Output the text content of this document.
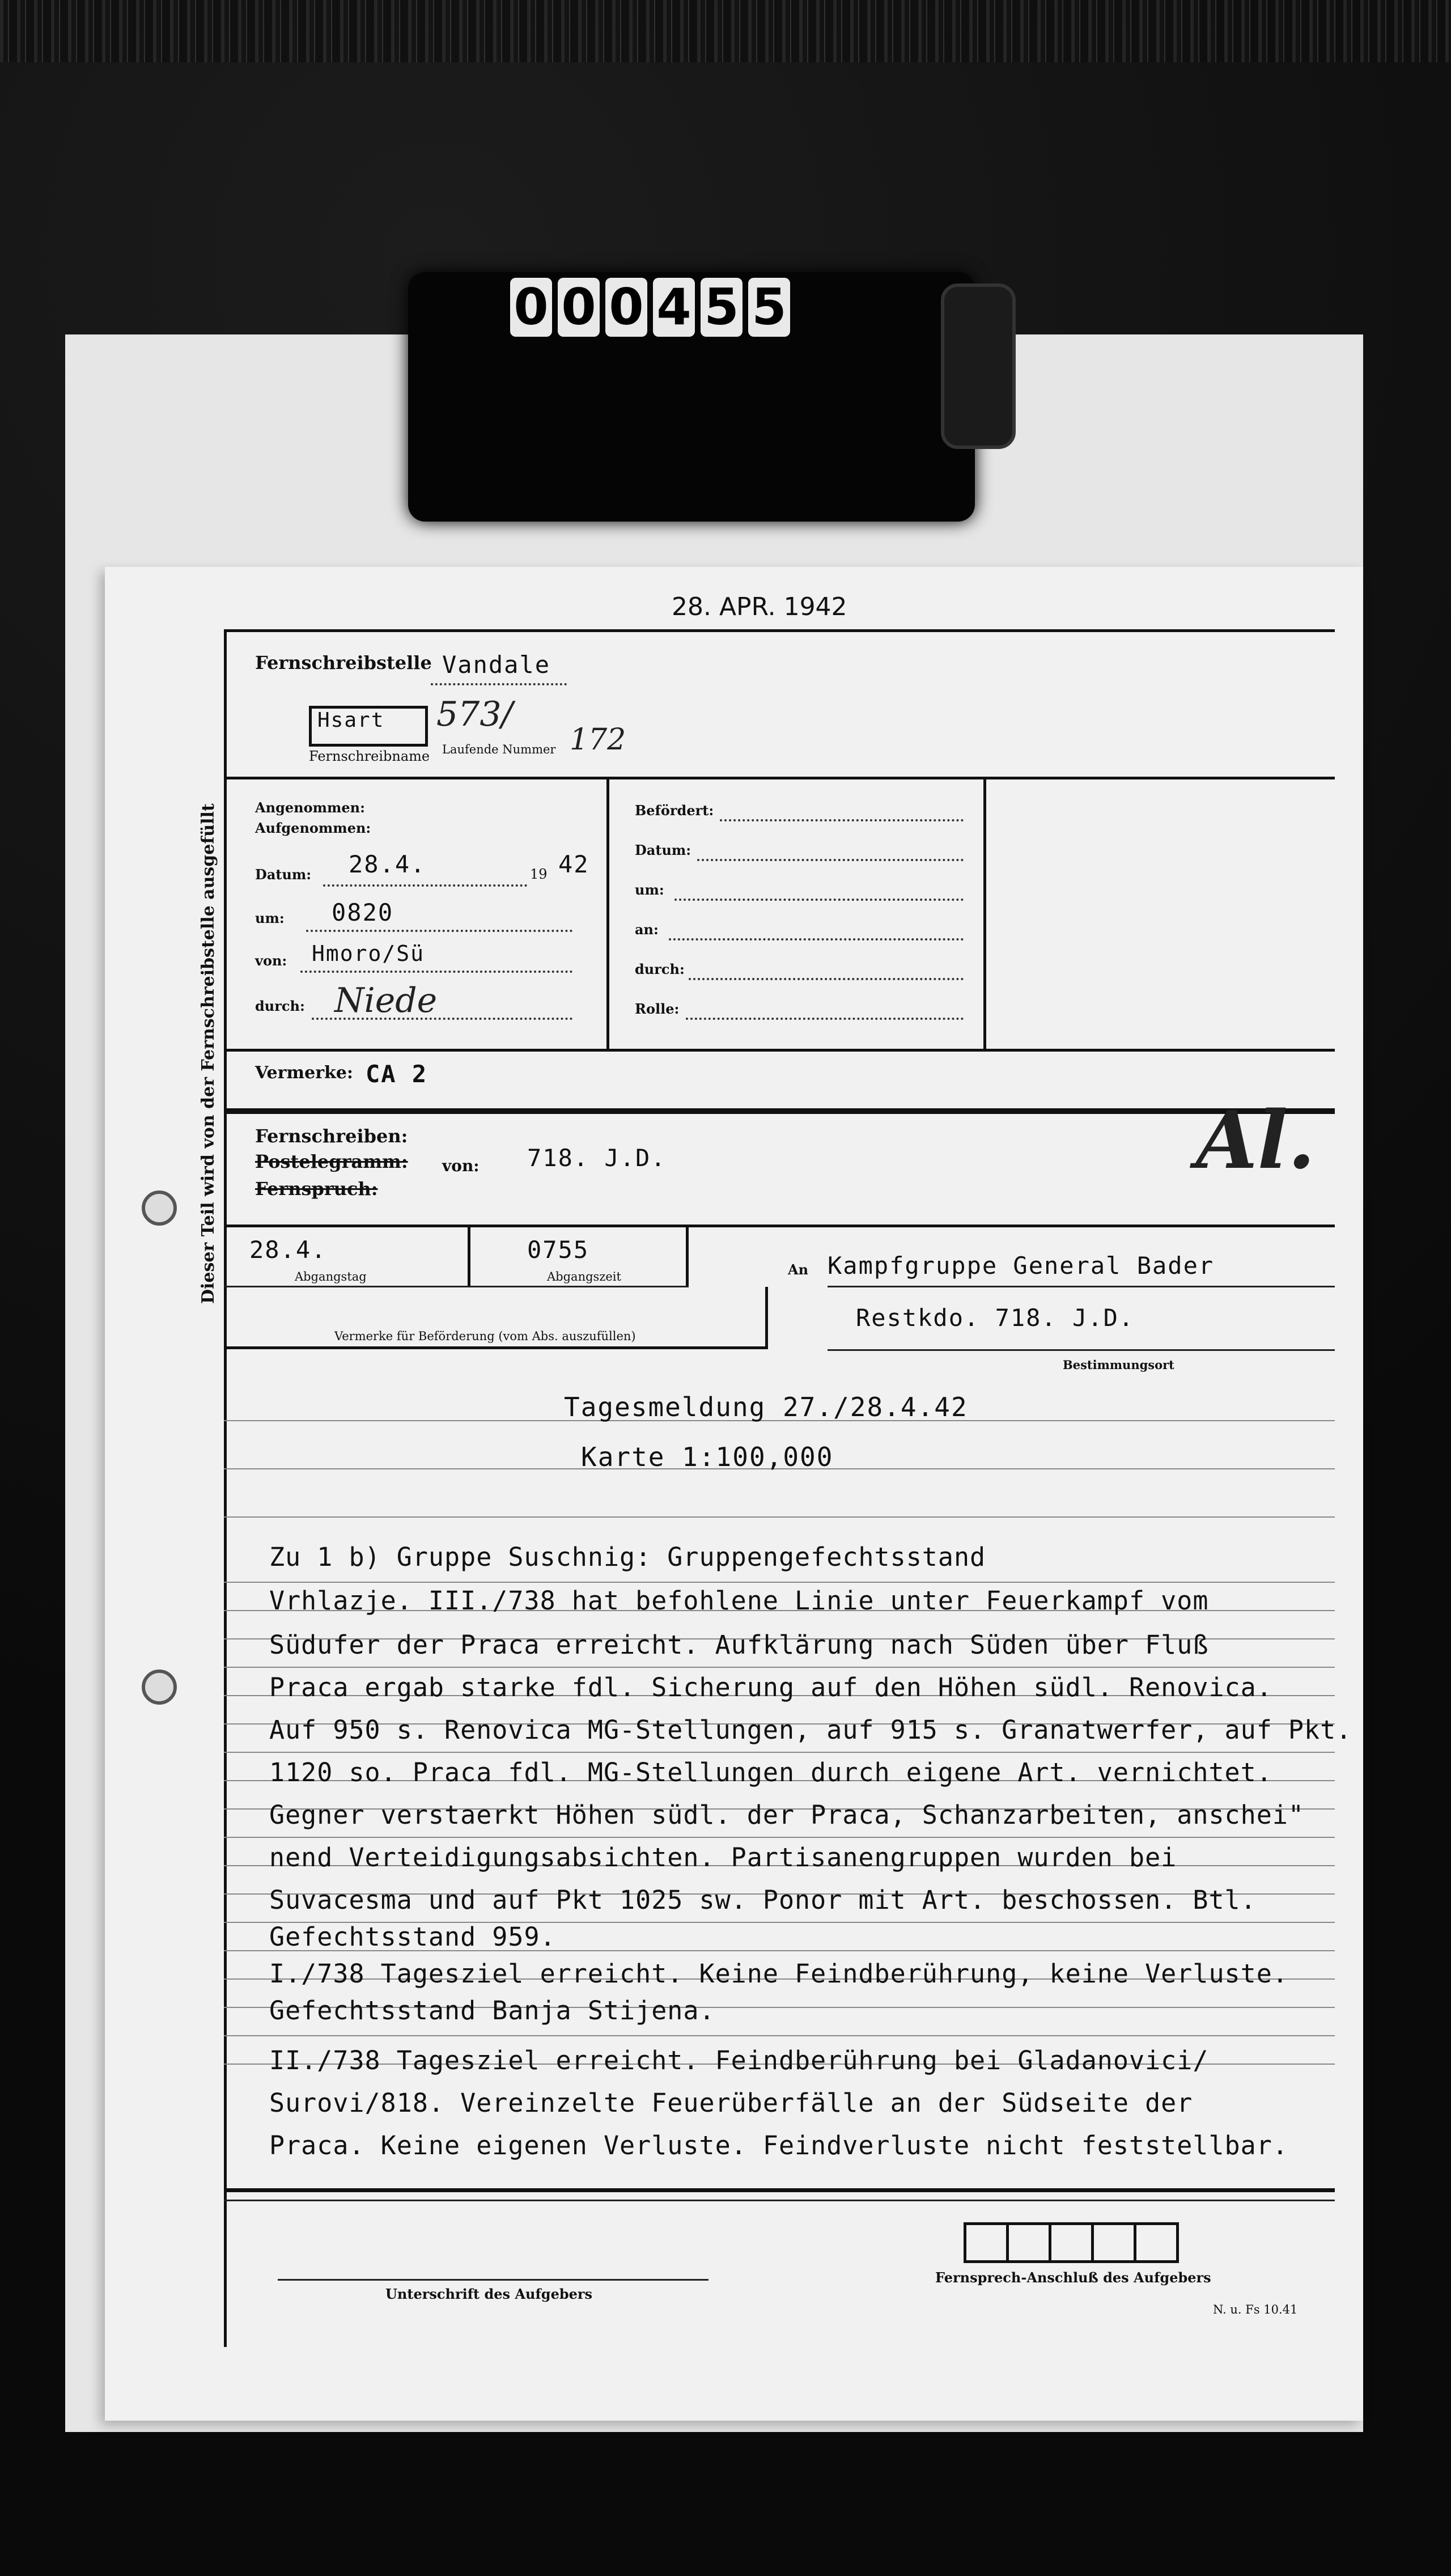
0 0 0 4 5 5
28. APR. 1942
Dieser Teil wird von der Fernschreibstelle ausgefüllt
Fernschreibstelle Vandale
Hsart 573/
172
Fernschreibname Laufende Nummer
Angenommen:
Aufgenommen:
Datum: 28.4.	19 42
um: 0820
von: Hmoro/Sü
durch: Niede
Befördert:
Datum:
um:
an:
durch:
Rolle:
Vermerke: CA 2
Fernschreiben:
Postelegramm:
Fernspruch:
von: 718. J.D.	Al.
28.4.
Abgangstag
0755
Abgangszeit
Vermerke für Beförderung (vom Abs. auszufüllen)
An Kampfgruppe General Bader
Restkdo. 718. J.D.
Bestimmungsort
Tagesmeldung 27./28.4.42
Karte 1:100,000
Zu 1 b) Gruppe Suschnig: Gruppengefechtsstand
Vrhlazje. III./738 hat befohlene Linie unter Feuerkampf vom
Südufer der Praca erreicht. Aufklärung nach Süden über Fluß
Praca ergab starke fdl. Sicherung auf den Höhen südl. Renovica.
Auf 950 s. Renovica MG-Stellungen, auf 915 s. Granatwerfer, auf Pkt.
1120 so. Praca fdl. MG-Stellungen durch eigene Art. vernichtet.
Gegner verstaerkt Höhen südl. der Praca, Schanzarbeiten, anschei"
nend Verteidigungsabsichten. Partisanengruppen wurden bei
Suvacesma und auf Pkt 1025 sw. Ponor mit Art. beschossen. Btl.
Gefechtsstand 959.
I./738 Tagesziel erreicht. Keine Feindberührung, keine Verluste.
Gefechtsstand Banja Stijena.
II./738 Tagesziel erreicht. Feindberührung bei Gladanovici/
Surovi/818. Vereinzelte Feuerüberfälle an der Südseite der
Praca. Keine eigenen Verluste. Feindverluste nicht feststellbar.
Unterschrift des Aufgebers
Fernsprech-Anschluß des Aufgebers
N. u. Fs 10.41
